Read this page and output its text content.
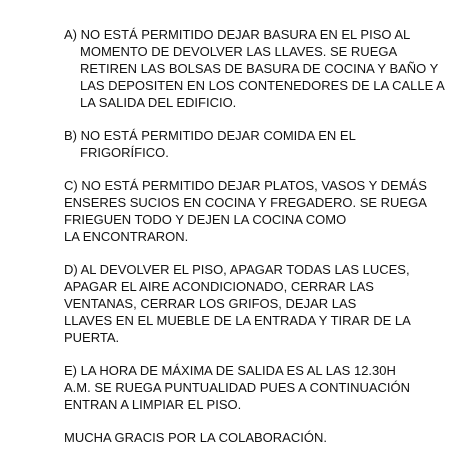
A) NO ESTÁ PERMITIDO DEJAR BASURA EN EL PISO AL
MOMENTO DE DEVOLVER LAS LLAVES. SE RUEGA
RETIREN LAS BOLSAS DE BASURA DE COCINA Y BAÑO Y
LAS DEPOSITEN EN LOS CONTENEDORES DE LA CALLE A
LA SALIDA DEL EDIFICIO.
B) NO ESTÁ PERMITIDO DEJAR COMIDA EN EL
FRIGORÍFICO.
C) NO ESTÁ PERMITIDO DEJAR PLATOS, VASOS Y DEMÁS
ENSERES SUCIOS EN COCINA Y FREGADERO. SE RUEGA
FRIEGUEN TODO Y DEJEN LA COCINA COMO
LA ENCONTRARON.
D) AL DEVOLVER EL PISO, APAGAR TODAS LAS LUCES,
APAGAR EL AIRE ACONDICIONADO, CERRAR LAS
VENTANAS, CERRAR LOS GRIFOS, DEJAR LAS
LLAVES EN EL MUEBLE DE LA ENTRADA Y TIRAR DE LA
PUERTA.
E) LA HORA DE MÁXIMA DE SALIDA ES AL LAS 12.30H
A.M. SE RUEGA PUNTUALIDAD PUES A CONTINUACIÓN
ENTRAN A LIMPIAR EL PISO.
MUCHA GRACIS POR LA COLABORACIÓN.
